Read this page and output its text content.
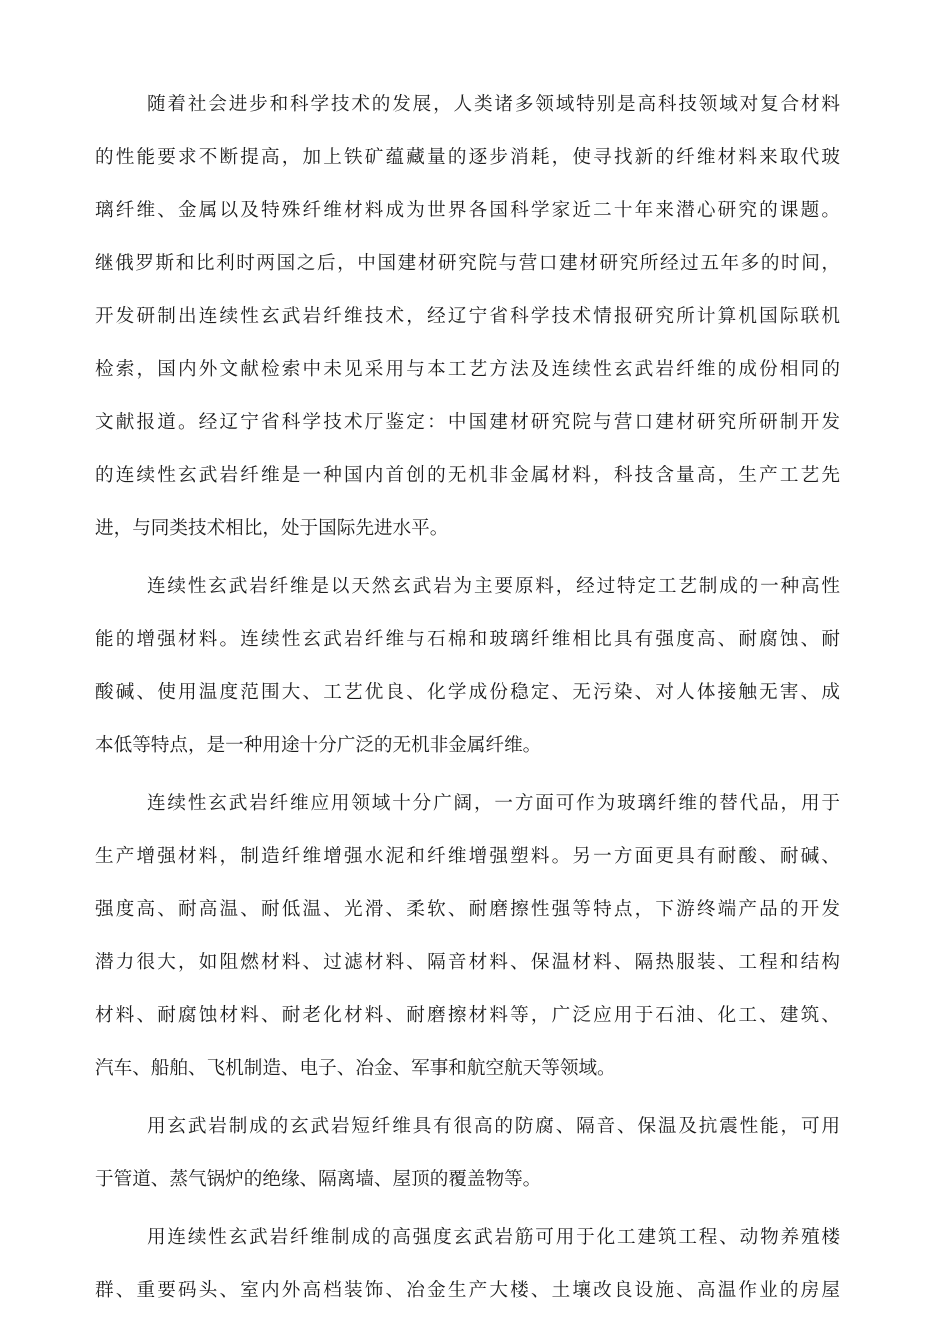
随着社会进步和科学技术的发展，人类诸多领域特别是高科技领域对复合材料
的性能要求不断提高，加上铁矿蕴藏量的逐步消耗，使寻找新的纤维材料来取代玻
璃纤维、金属以及特殊纤维材料成为世界各国科学家近二十年来潜心研究的课题。
继俄罗斯和比利时两国之后，中国建材研究院与营口建材研究所经过五年多的时间，
开发研制出连续性玄武岩纤维技术，经辽宁省科学技术情报研究所计算机国际联机
检索，国内外文献检索中未见采用与本工艺方法及连续性玄武岩纤维的成份相同的
文献报道。经辽宁省科学技术厅鉴定：中国建材研究院与营口建材研究所研制开发
的连续性玄武岩纤维是一种国内首创的无机非金属材料，科技含量高，生产工艺先
进，与同类技术相比，处于国际先进水平。
连续性玄武岩纤维是以天然玄武岩为主要原料，经过特定工艺制成的一种高性
能的增强材料。连续性玄武岩纤维与石棉和玻璃纤维相比具有强度高、耐腐蚀、耐
酸碱、使用温度范围大、工艺优良、化学成份稳定、无污染、对人体接触无害、成
本低等特点，是一种用途十分广泛的无机非金属纤维。
连续性玄武岩纤维应用领域十分广阔，一方面可作为玻璃纤维的替代品，用于
生产增强材料，制造纤维增强水泥和纤维增强塑料。另一方面更具有耐酸、耐碱、
强度高、耐高温、耐低温、光滑、柔软、耐磨擦性强等特点，下游终端产品的开发
潜力很大，如阻燃材料、过滤材料、隔音材料、保温材料、隔热服装、工程和结构
材料、耐腐蚀材料、耐老化材料、耐磨擦材料等，广泛应用于石油、化工、建筑、
汽车、船舶、飞机制造、电子、冶金、军事和航空航天等领域。
用玄武岩制成的玄武岩短纤维具有很高的防腐、隔音、保温及抗震性能，可用
于管道、蒸气锅炉的绝缘、隔离墙、屋顶的覆盖物等。
用连续性玄武岩纤维制成的高强度玄武岩筋可用于化工建筑工程、动物养殖楼
群、重要码头、室内外高档装饰、冶金生产大楼、土壤改良设施、高温作业的房屋
